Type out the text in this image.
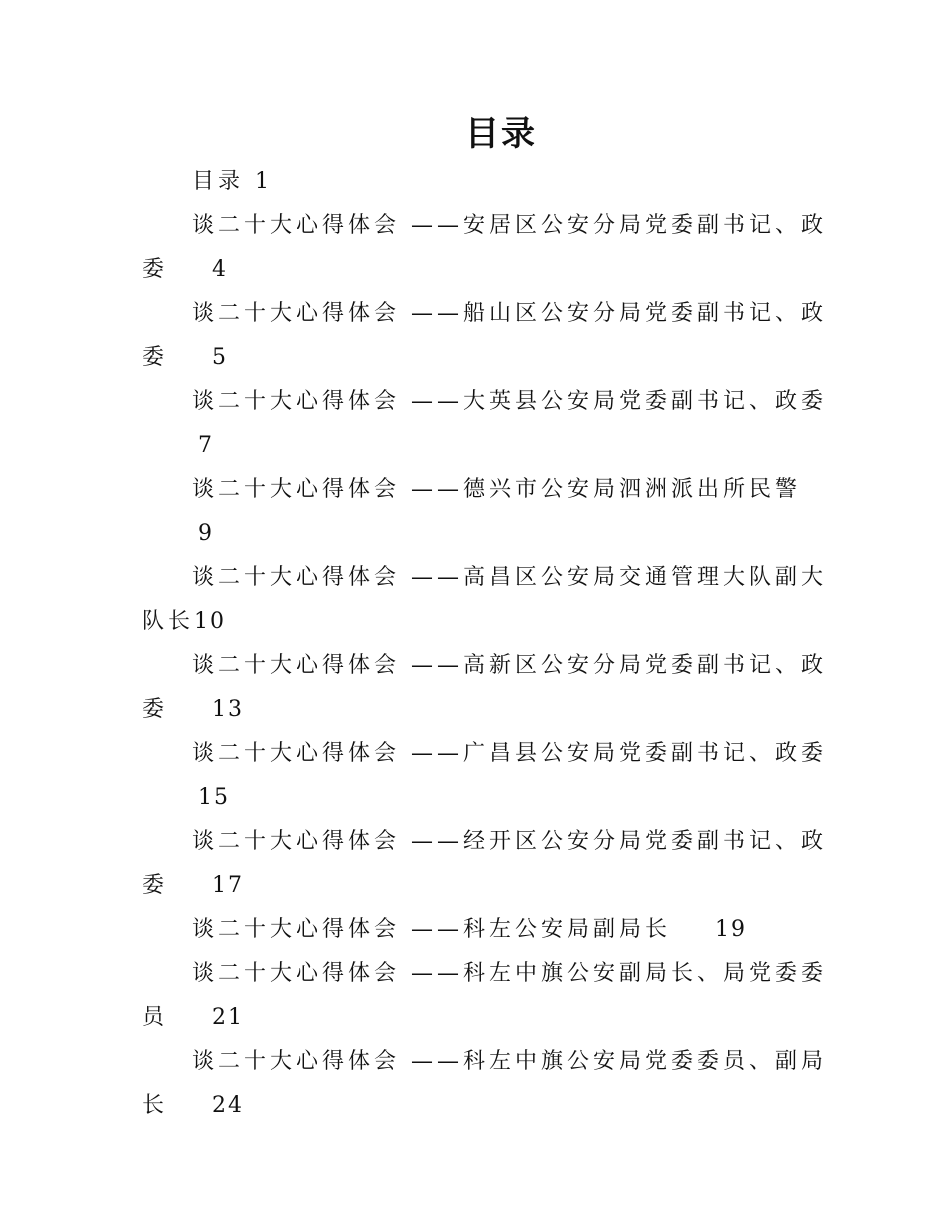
目录
目录 1
谈二十大心得体会 ——安居区公安分局党委副书记、政
委 4
谈二十大心得体会 ——船山区公安分局党委副书记、政
委 5
谈二十大心得体会 ——大英县公安局党委副书记、政委
7
谈二十大心得体会 ——德兴市公安局泗洲派出所民警
9
谈二十大心得体会 ——高昌区公安局交通管理大队副大
队长10
谈二十大心得体会 ——高新区公安分局党委副书记、政
委 13
谈二十大心得体会 ——广昌县公安局党委副书记、政委
15
谈二十大心得体会 ——经开区公安分局党委副书记、政
委 17
谈二十大心得体会 ——科左公安局副局长 19
谈二十大心得体会 ——科左中旗公安副局长、局党委委
员 21
谈二十大心得体会 ——科左中旗公安局党委委员、副局
长 24
